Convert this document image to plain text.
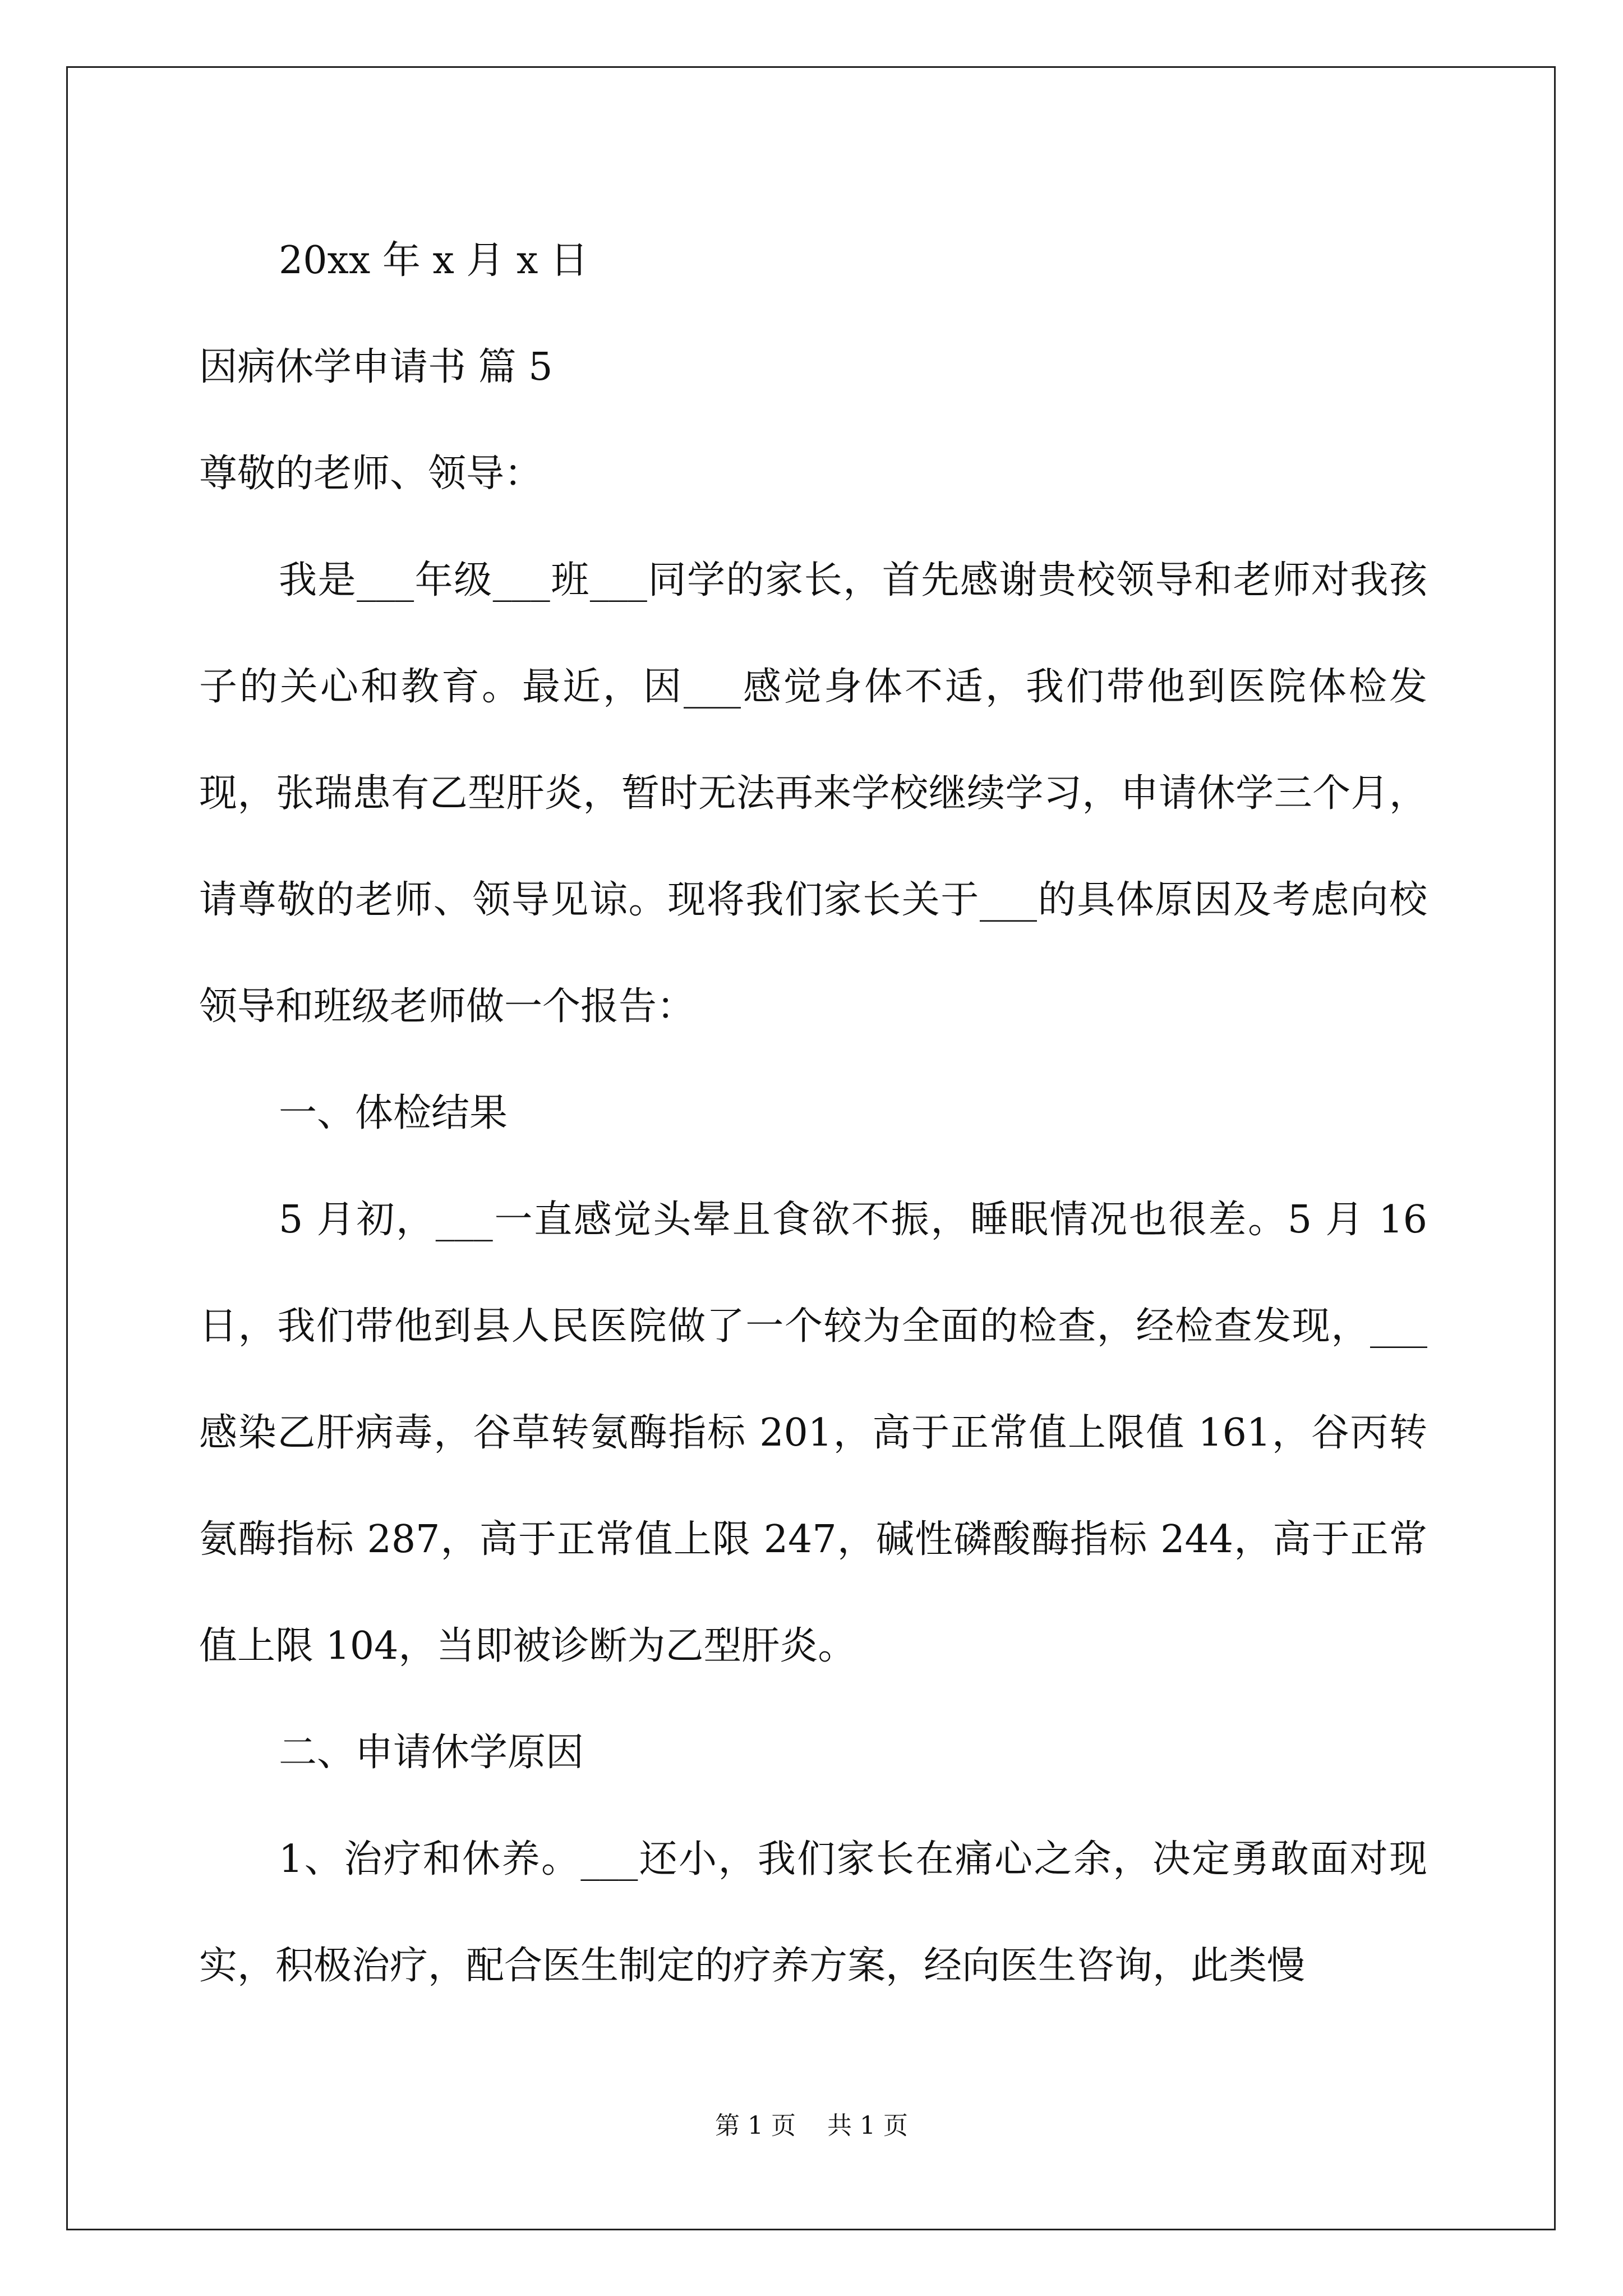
20xx 年 x 月 x 日
因病休学申请书 篇 5
尊敬的老师、领导：

我是___年级___班___同学的家长，首先感谢贵校领导和老师对我孩子的关心和教育。最近，因___感觉身体不适，我们带他到医院体检发现，张瑞患有乙型肝炎，暂时无法再来学校继续学习，申请休学三个月，请尊敬的老师、领导见谅。现将我们家长关于___的具体原因及考虑向校领导和班级老师做一个报告：

一、体检结果

5 月初，___一直感觉头晕且食欲不振，睡眠情况也很差。5 月 16 日，我们带他到县人民医院做了一个较为全面的检查，经检查发现，___感染乙肝病毒，谷草转氨酶指标 201，高于正常值上限值 161，谷丙转氨酶指标 287，高于正常值上限 247，碱性磷酸酶指标 244，高于正常值上限 104，当即被诊断为乙型肝炎。

二、申请休学原因

1、治疗和休养。___还小，我们家长在痛心之余，决定勇敢面对现实，积极治疗，配合医生制定的疗养方案，经向医生咨询，此类慢

第 1 页 共 1 页
